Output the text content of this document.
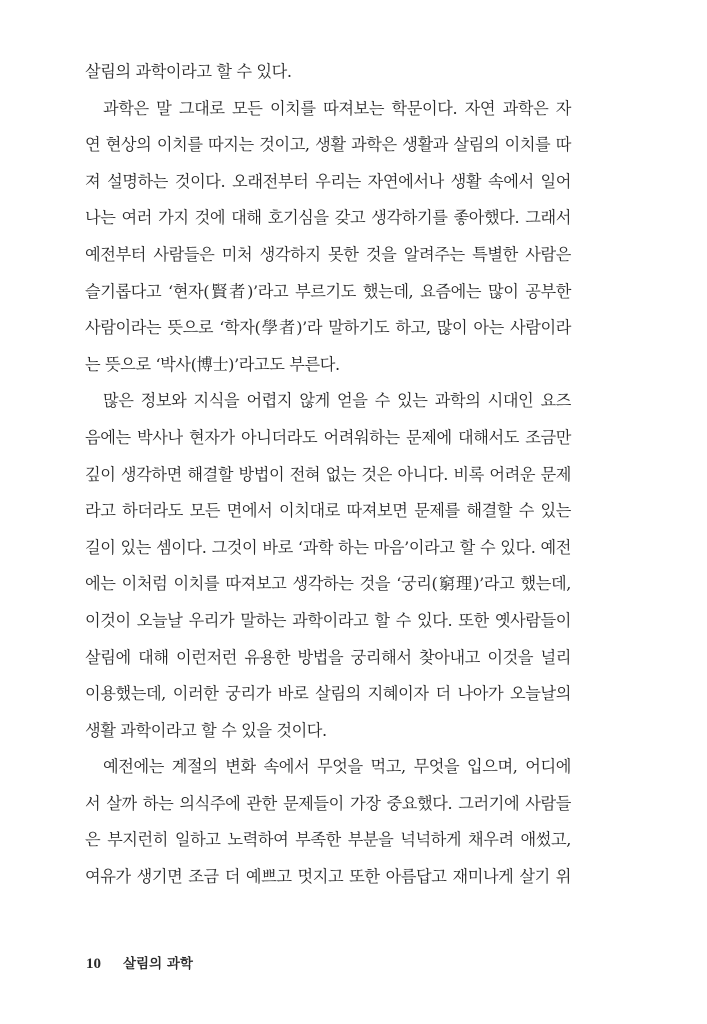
살림의 과학이라고 할 수 있다.
과학은 말 그대로 모든 이치를 따져보는 학문이다. 자연 과학은 자
연 현상의 이치를 따지는 것이고, 생활 과학은 생활과 살림의 이치를 따
져 설명하는 것이다. 오래전부터 우리는 자연에서나 생활 속에서 일어
나는 여러 가지 것에 대해 호기심을 갖고 생각하기를 좋아했다. 그래서
예전부터 사람들은 미처 생각하지 못한 것을 알려주는 특별한 사람은
슬기롭다고 ‘현자(賢者)’라고 부르기도 했는데, 요즘에는 많이 공부한
사람이라는 뜻으로 ‘학자(學者)’라 말하기도 하고, 많이 아는 사람이라
는 뜻으로 ‘박사(博士)’라고도 부른다.
많은 정보와 지식을 어렵지 않게 얻을 수 있는 과학의 시대인 요즈
음에는 박사나 현자가 아니더라도 어려워하는 문제에 대해서도 조금만
깊이 생각하면 해결할 방법이 전혀 없는 것은 아니다. 비록 어려운 문제
라고 하더라도 모든 면에서 이치대로 따져보면 문제를 해결할 수 있는
길이 있는 셈이다. 그것이 바로 ‘과학 하는 마음’이라고 할 수 있다. 예전
에는 이처럼 이치를 따져보고 생각하는 것을 ‘궁리(窮理)’라고 했는데,
이것이 오늘날 우리가 말하는 과학이라고 할 수 있다. 또한 옛사람들이
살림에 대해 이런저런 유용한 방법을 궁리해서 찾아내고 이것을 널리
이용했는데, 이러한 궁리가 바로 살림의 지혜이자 더 나아가 오늘날의
생활 과학이라고 할 수 있을 것이다.
예전에는 계절의 변화 속에서 무엇을 먹고, 무엇을 입으며, 어디에
서 살까 하는 의식주에 관한 문제들이 가장 중요했다. 그러기에 사람들
은 부지런히 일하고 노력하여 부족한 부분을 넉넉하게 채우려 애썼고,
여유가 생기면 조금 더 예쁘고 멋지고 또한 아름답고 재미나게 살기 위
10 살림의 과학
